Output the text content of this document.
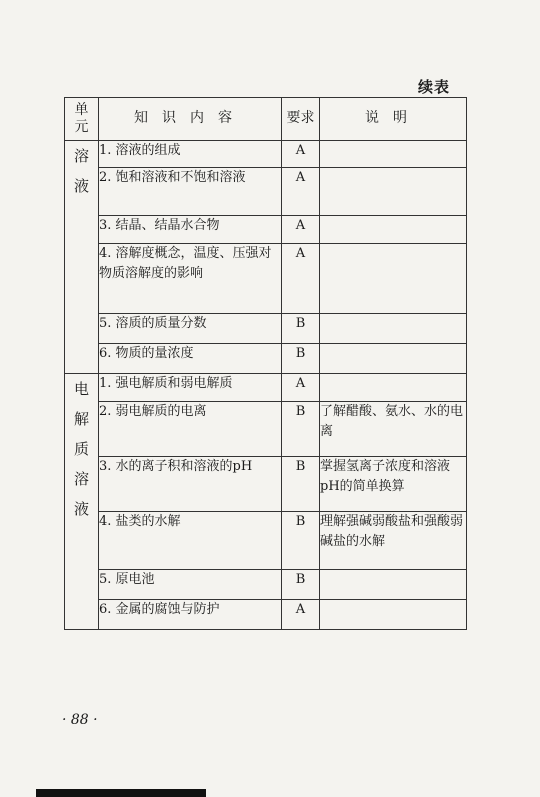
续表
单
元	知识内容	要求	说明

溶
液	1. 溶液的组成	A	
	2. 饱和溶液和不饱和溶液	A	
	3. 结晶、结晶水合物	A	
	4. 溶解度概念，温度、压强对物质溶解度的影响	A	
	5. 溶质的质量分数	B	
	6. 物质的量浓度	B	

电
解
质
溶
液	1. 强电解质和弱电解质	A	
	2. 弱电解质的电离	B	了解醋酸、氨水、水的电离
	3. 水的离子积和溶液的pH	B	掌握氢离子浓度和溶液pH的简单换算
	4. 盐类的水解	B	理解强碱弱酸盐和强酸弱碱盐的水解
	5. 原电池	B	
	6. 金属的腐蚀与防护	A	
· 88 ·
